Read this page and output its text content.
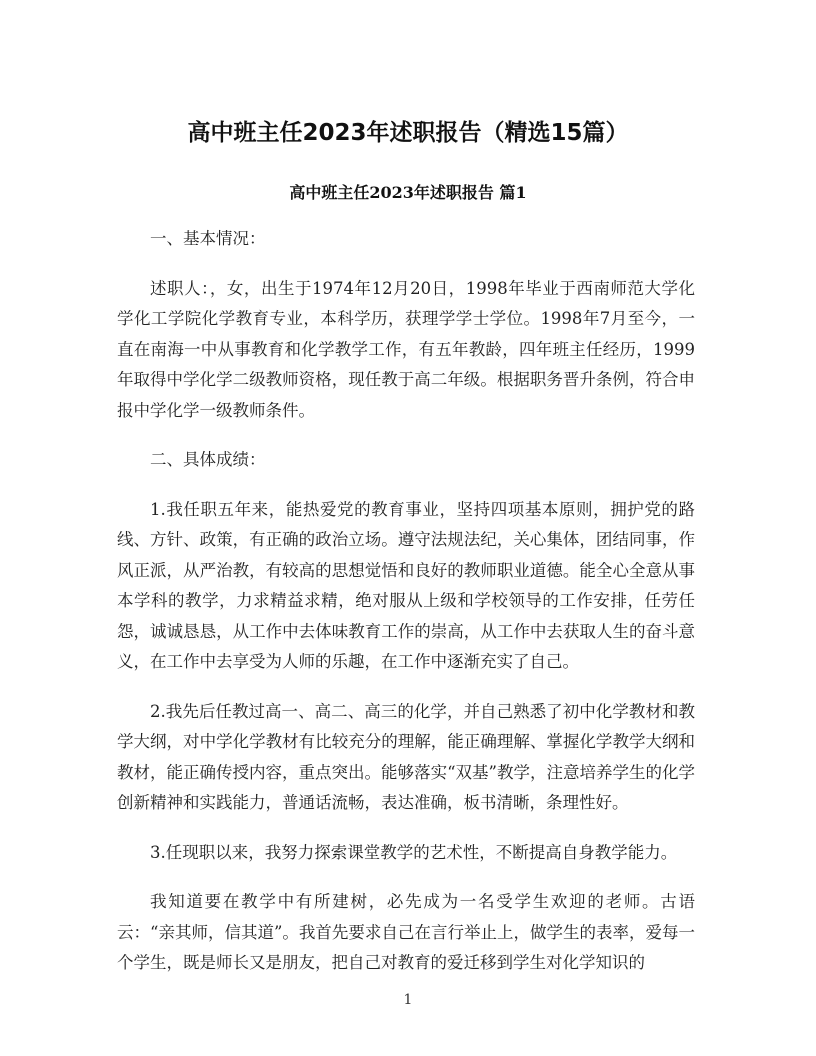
高中班主任2023年述职报告（精选15篇）
高中班主任2023年述职报告 篇1

一、基本情况：

述职人：，女，出生于1974年12月20日，1998年毕业于西南师范大学化学化工学院化学教育专业，本科学历，获理学学士学位。1998年7月至今，一直在南海一中从事教育和化学教学工作，有五年教龄，四年班主任经历，1999年取得中学化学二级教师资格，现任教于高二年级。根据职务晋升条例，符合申报中学化学一级教师条件。

二、具体成绩：

1.我任职五年来，能热爱党的教育事业，坚持四项基本原则，拥护党的路线、方针、政策，有正确的政治立场。遵守法规法纪，关心集体，团结同事，作风正派，从严治教，有较高的思想觉悟和良好的教师职业道德。能全心全意从事本学科的教学，力求精益求精，绝对服从上级和学校领导的工作安排，任劳任怨，诚诚恳恳，从工作中去体味教育工作的崇高，从工作中去获取人生的奋斗意义，在工作中去享受为人师的乐趣，在工作中逐渐充实了自己。

2.我先后任教过高一、高二、高三的化学，并自己熟悉了初中化学教材和教学大纲，对中学化学教材有比较充分的理解，能正确理解、掌握化学教学大纲和教材，能正确传授内容，重点突出。能够落实“双基”教学，注意培养学生的化学创新精神和实践能力，普通话流畅，表达准确，板书清晰，条理性好。

3.任现职以来，我努力探索课堂教学的艺术性，不断提高自身教学能力。

我知道要在教学中有所建树，必先成为一名受学生欢迎的老师。古语云：“亲其师，信其道”。我首先要求自己在言行举止上，做学生的表率，爱每一个学生，既是师长又是朋友，把自己对教育的爱迁移到学生对化学知识的

1
